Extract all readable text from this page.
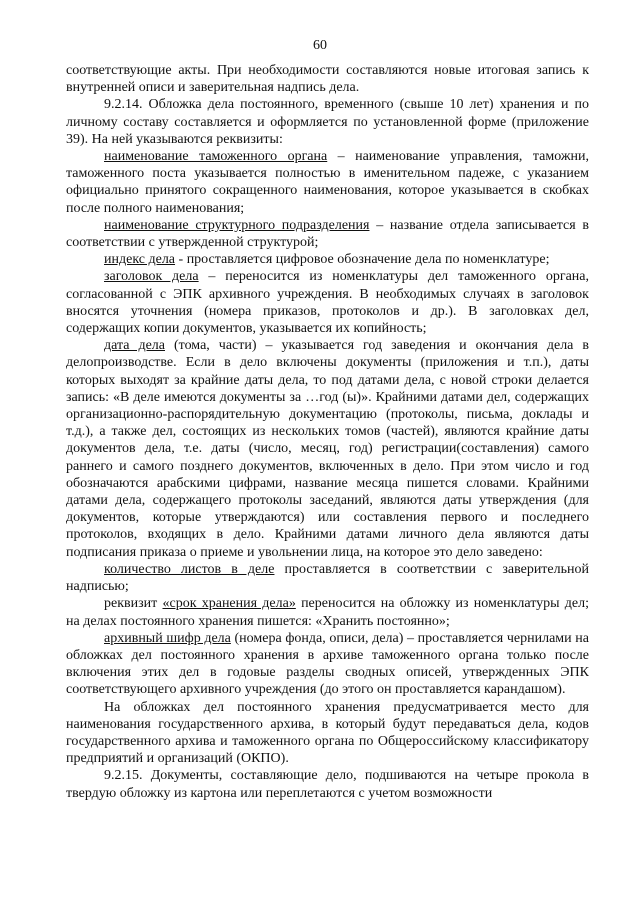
60

соответствующие акты. При необходимости составляются новые итоговая запись к внутренней описи и заверительная надпись дела.

9.2.14. Обложка дела постоянного, временного (свыше 10 лет) хранения и по личному составу составляется и оформляется по установленной форме (приложение 39). На ней указываются реквизиты:

наименование таможенного органа – наименование управления, таможни, таможенного поста указывается полностью в именительном падеже, с указанием официально принятого сокращенного наименования, которое указывается в скобках после полного наименования;

наименование структурного подразделения – название отдела записывается в соответствии с утвержденной структурой;

индекс дела - проставляется цифровое обозначение дела по номенклатуре;

заголовок дела – переносится из номенклатуры дел таможенного органа, согласованной с ЭПК архивного учреждения. В необходимых случаях в заголовок вносятся уточнения (номера приказов, протоколов и др.). В заголовках дел, содержащих копии документов, указывается их копийность;

дата дела (тома, части) – указывается год заведения и окончания дела в делопроизводстве. Если в дело включены документы (приложения и т.п.), даты которых выходят за крайние даты дела, то под датами дела, с новой строки делается запись: «В деле имеются документы за …год (ы)». Крайними датами дел, содержащих организационно-распорядительную документацию (протоколы, письма, доклады и т.д.), а также дел, состоящих из нескольких томов (частей), являются крайние даты документов дела, т.е. даты (число, месяц, год) регистрации(составления) самого раннего и самого позднего документов, включенных в дело. При этом число и год обозначаются арабскими цифрами, название месяца пишется словами. Крайними датами дела, содержащего протоколы заседаний, являются даты утверждения (для документов, которые утверждаются) или составления первого и последнего протоколов, входящих в дело. Крайними датами личного дела являются даты подписания приказа о приеме и увольнении лица, на которое это дело заведено:

количество листов в деле проставляется в соответствии с заверительной надписью;

реквизит «срок хранения дела» переносится на обложку из номенклатуры дел; на делах постоянного хранения пишется: «Хранить постоянно»;

архивный шифр дела (номера фонда, описи, дела) – проставляется чернилами на обложках дел постоянного хранения в архиве таможенного органа только после включения этих дел в годовые разделы сводных описей, утвержденных ЭПК соответствующего архивного учреждения (до этого он проставляется карандашом).

На обложках дел постоянного хранения предусматривается место для наименования государственного архива, в который будут передаваться дела, кодов государственного архива и таможенного органа по Общероссийскому классификатору предприятий и организаций (ОКПО).

9.2.15. Документы, составляющие дело, подшиваются на четыре прокола в твердую обложку из картона или переплетаются с учетом возможности
